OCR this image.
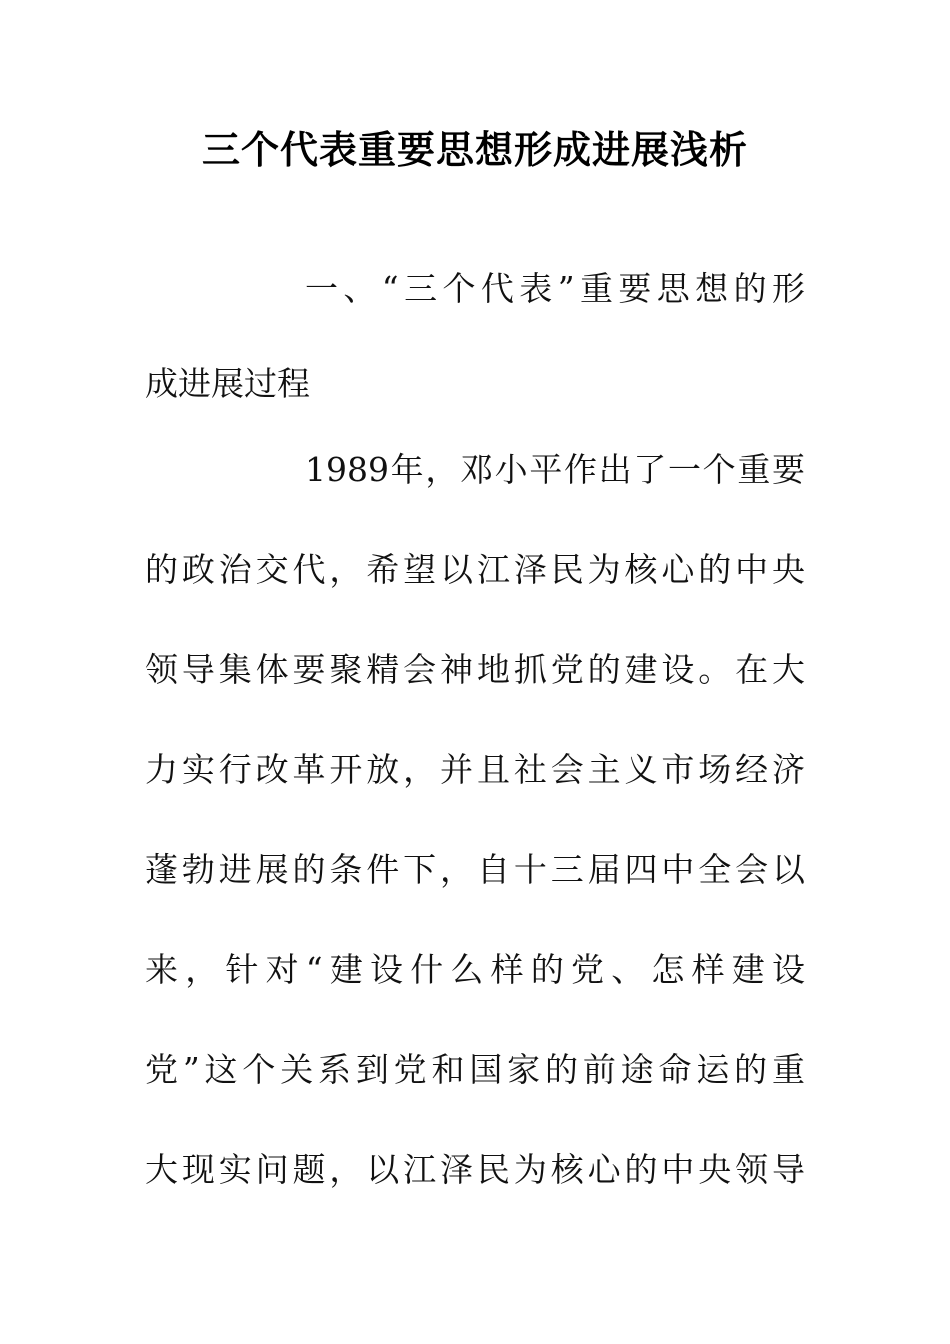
三个代表重要思想形成进展浅析
一、“三个代表”重要思想的形
成进展过程
1989年，邓小平作出了一个重要
的政治交代，希望以江泽民为核心的中央
领导集体要聚精会神地抓党的建设。在大
力实行改革开放，并且社会主义市场经济
蓬勃进展的条件下，自十三届四中全会以
来，针对“建设什么样的党、怎样建设
党”这个关系到党和国家的前途命运的重
大现实问题，以江泽民为核心的中央领导
